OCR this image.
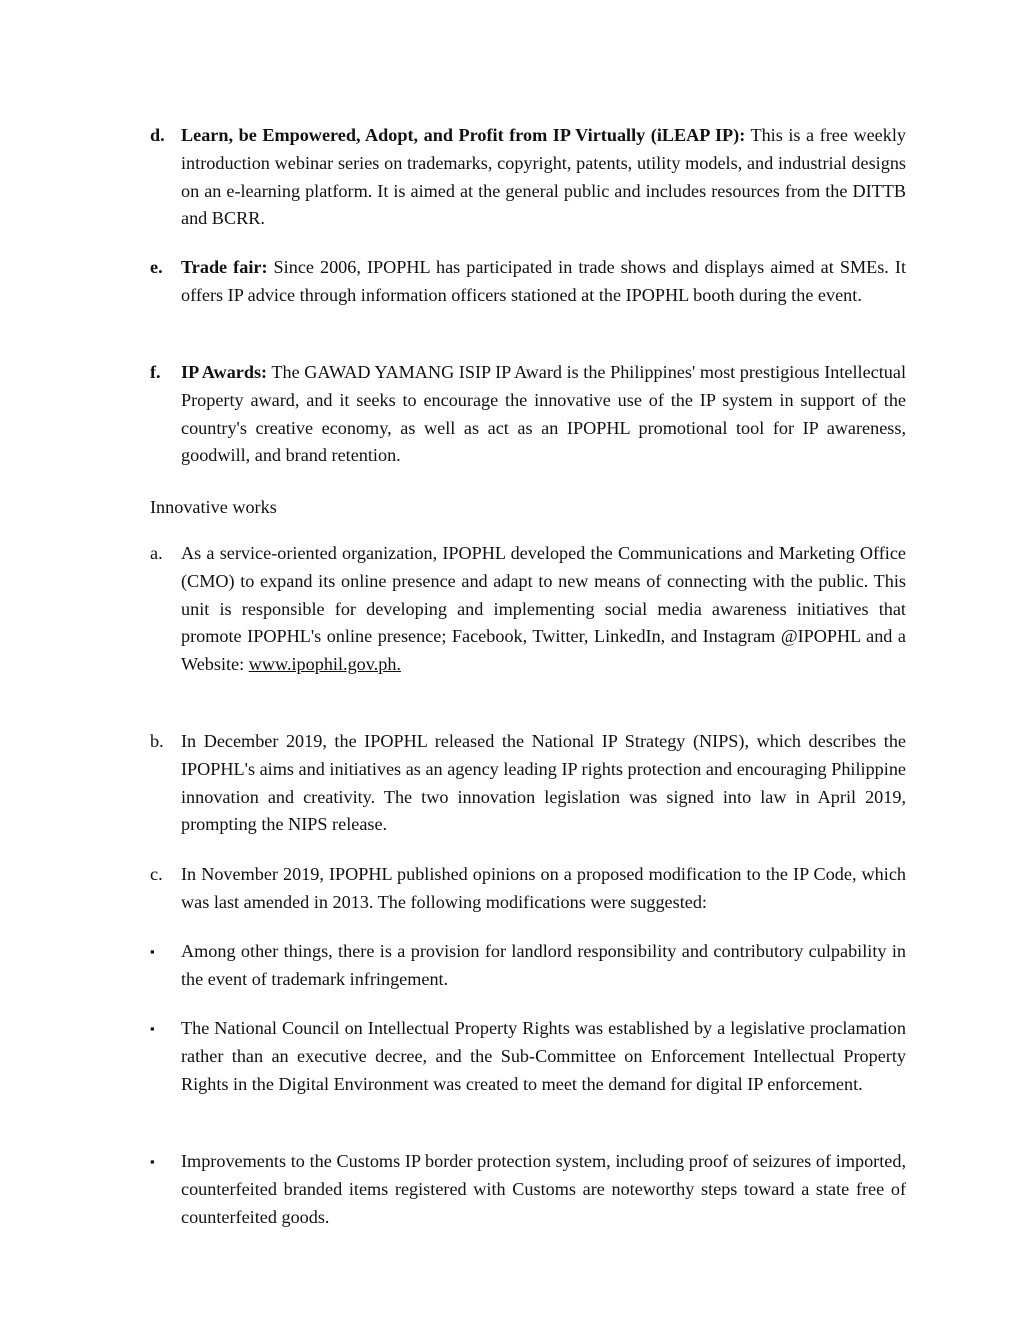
d. Learn, be Empowered, Adopt, and Profit from IP Virtually (iLEAP IP): This is a free weekly introduction webinar series on trademarks, copyright, patents, utility models, and industrial designs on an e-learning platform. It is aimed at the general public and includes resources from the DITTB and BCRR.
e.	Trade fair: Since 2006, IPOPHL has participated in trade shows and displays aimed at SMEs. It offers IP advice through information officers stationed at the IPOPHL booth during the event.
f.	IP Awards: The GAWAD YAMANG ISIP IP Award is the Philippines' most prestigious Intellectual Property award, and it seeks to encourage the innovative use of the IP system in support of the country's creative economy, as well as act as an IPOPHL promotional tool for IP awareness, goodwill, and brand retention.
Innovative works
a.	As a service-oriented organization, IPOPHL developed the Communications and Marketing Office (CMO) to expand its online presence and adapt to new means of connecting with the public. This unit is responsible for developing and implementing social media awareness initiatives that promote IPOPHL's online presence; Facebook, Twitter, LinkedIn, and Instagram @IPOPHL and a Website: www.ipophil.gov.ph.
b. In December 2019, the IPOPHL released the National IP Strategy (NIPS), which describes the IPOPHL's aims and initiatives as an agency leading IP rights protection and encouraging Philippine innovation and creativity. The two innovation legislation was signed into law in April 2019, prompting the NIPS release.
c.	In November 2019, IPOPHL published opinions on a proposed modification to the IP Code, which was last amended in 2013. The following modifications were suggested:
▪	Among other things, there is a provision for landlord responsibility and contributory culpability in the event of trademark infringement.
▪	The National Council on Intellectual Property Rights was established by a legislative proclamation rather than an executive decree, and the Sub-Committee on Enforcement Intellectual Property Rights in the Digital Environment was created to meet the demand for digital IP enforcement.
▪	Improvements to the Customs IP border protection system, including proof of seizures of imported, counterfeited branded items registered with Customs are noteworthy steps toward a state free of counterfeited goods.
